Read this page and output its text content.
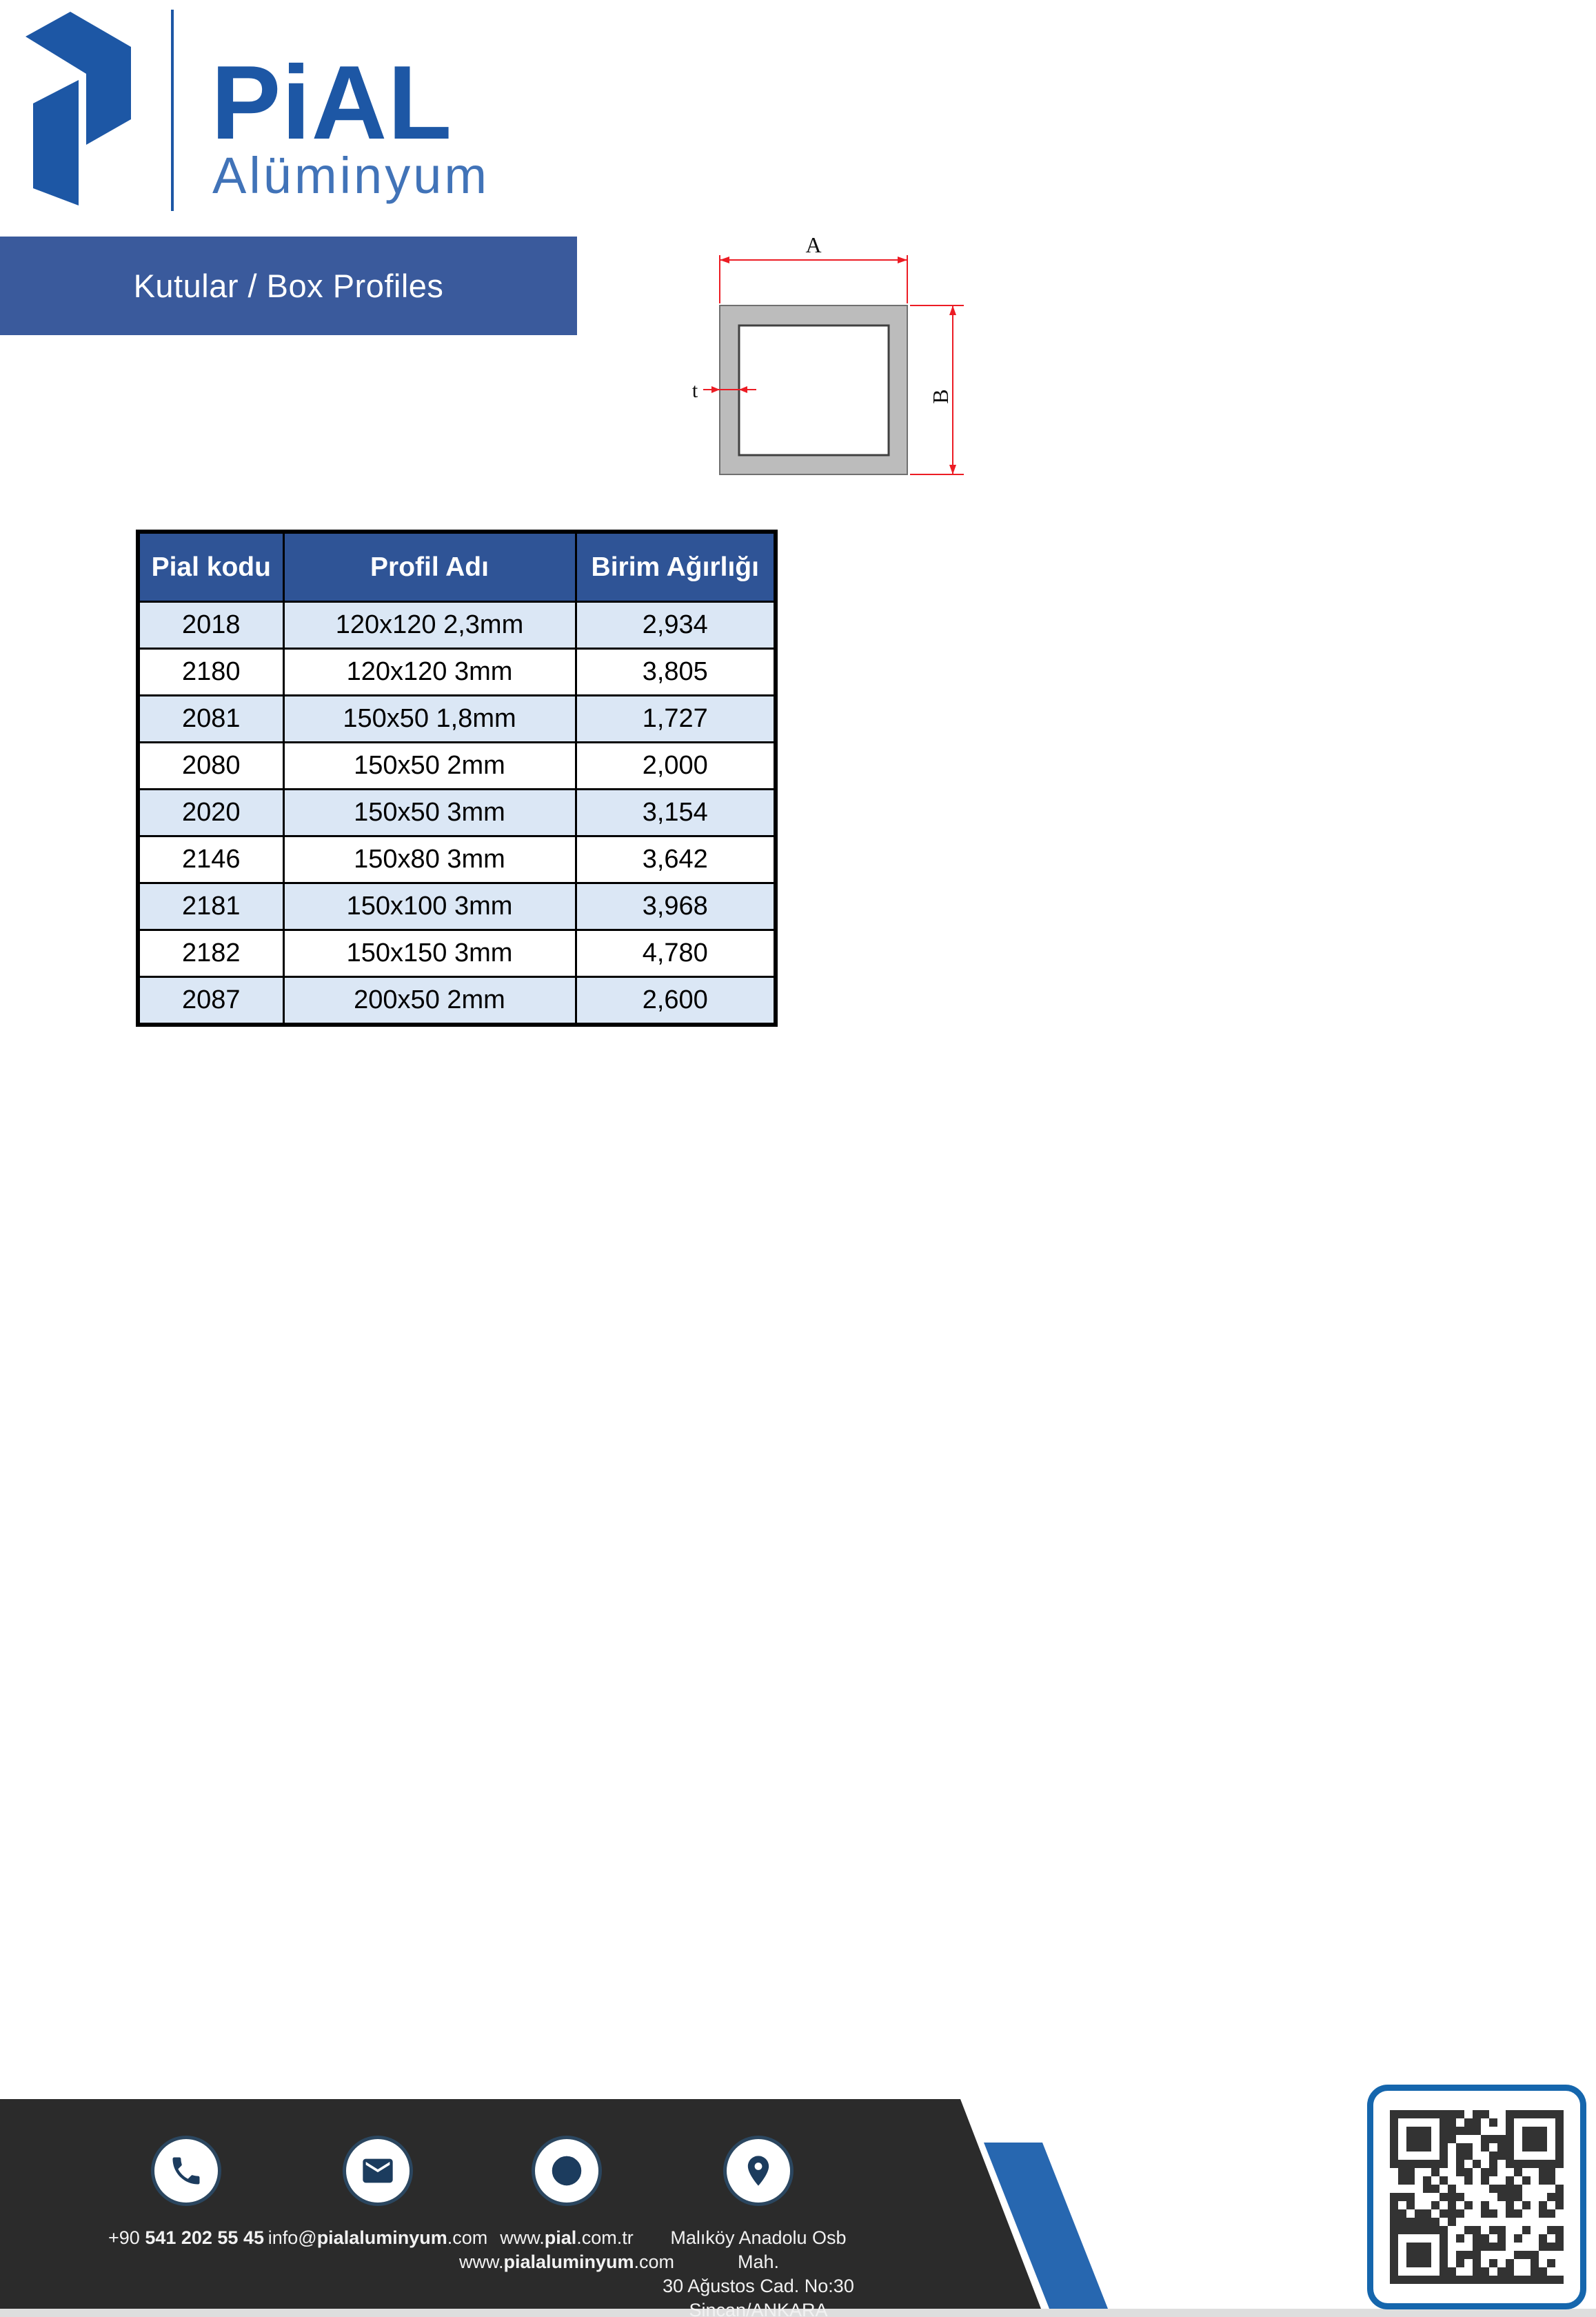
PiAL
Alüminyum
Kutular / Box Profiles
A
B
t
Pial kodu	Profil Adı	Birim Ağırlığı
2018	120x120 2,3mm	2,934
2180	120x120 3mm	3,805
2081	150x50 1,8mm	1,727
2080	150x50 2mm	2,000
2020	150x50 3mm	3,154
2146	150x80 3mm	3,642
2181	150x100 3mm	3,968
2182	150x150 3mm	4,780
2087	200x50 2mm	2,600
+90 541 202 55 45 info@pialaluminyum.com www.pial.com.tr
www.pialaluminyum.com
Malıköy Anadolu Osb Mah.
30 Ağustos Cad. No:30
Sincan/ANKARA
